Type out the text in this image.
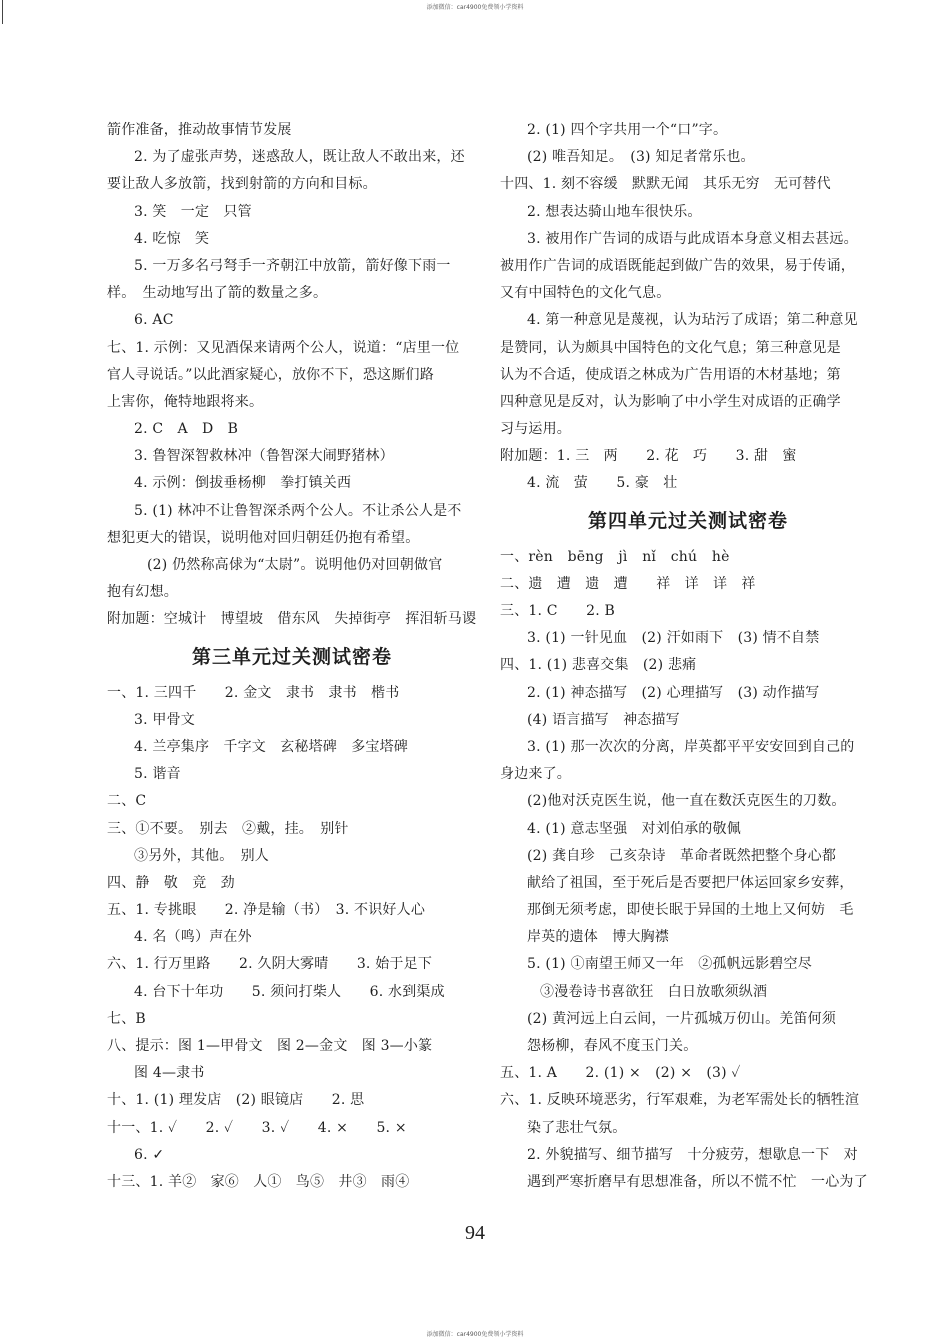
添加微信：car4900免费领小学资料
箭作准备，推动故事情节发展
2. 为了虚张声势，迷惑敌人，既让敌人不敢出来，还
要让敌人多放箭，找到射箭的方向和目标。
3. 笑　一定　只管
4. 吃惊　笑
5. 一万多名弓弩手一齐朝江中放箭，箭好像下雨一
样。　生动地写出了箭的数量之多。
6. AC
七、1. 示例：又见酒保来请两个公人，说道：“店里一位
官人寻说话。”以此酒家疑心，放你不下，恐这厮们路
上害你，俺特地跟将来。
2. C　A　D　B
3. 鲁智深智救林冲（鲁智深大闹野猪林）
4. 示例：倒拔垂杨柳　拳打镇关西
5. (1) 林冲不让鲁智深杀两个公人。不让杀公人是不
想犯更大的错误，说明他对回归朝廷仍抱有希望。
(2) 仍然称高俅为“太尉”。说明他仍对回朝做官
抱有幻想。
附加题：空城计　博望坡　借东风　失掉街亭　挥泪斩马谡
第三单元过关测试密卷
一、1. 三四千　　2. 金文　隶书　隶书　楷书
3. 甲骨文
4. 兰亭集序　千字文　玄秘塔碑　多宝塔碑
5. 谐音
二、C
三、①不要。　别去　②戴，挂。　别针
③另外，其他。　别人
四、静　敬　竞　劲
五、1. 专挑眼　　2. 净是输（书）　3. 不识好人心
4. 名（鸣）声在外
六、1. 行万里路　　2. 久阴大雾晴　　3. 始于足下
4. 台下十年功　　5. 须问打柴人　　6. 水到渠成
七、B
八、提示：图 1—甲骨文　图 2—金文　图 3—小篆
图 4—隶书
十、1. (1) 理发店　(2) 眼镜店　　2. 思
十一、1. ✓　　2. ✓　　3. ✓　　4. ×　　5. ×
6. ✓
十三、1. 羊②　家⑥　人①　鸟⑤　井③　雨④
2. (1) 四个字共用一个“口”字。
(2) 唯吾知足。　(3) 知足者常乐也。
十四、1. 刻不容缓　默默无闻　其乐无穷　无可替代
2. 想表达骑山地车很快乐。
3. 被用作广告词的成语与此成语本身意义相去甚远。
被用作广告词的成语既能起到做广告的效果，易于传诵，
又有中国特色的文化气息。
4. 第一种意见是蔑视，认为玷污了成语；第二种意见
是赞同，认为颇具中国特色的文化气息；第三种意见是
认为不合适，使成语之林成为广告用语的木材基地；第
四种意见是反对，认为影响了中小学生对成语的正确学
习与运用。
附加题：1. 三　两　　2. 花　巧　　3. 甜　蜜
4. 流　萤　　5. 豪　壮
第四单元过关测试密卷
一、rèn bēng jì nǐ chú hè
二、遗　遭　遗　遭　　祥　详　详　祥
三、1. C　　2. B
3. (1) 一针见血　(2) 汗如雨下　(3) 情不自禁
四、1. (1) 悲喜交集　(2) 悲痛
2. (1) 神态描写　(2) 心理描写　(3) 动作描写
(4) 语言描写　神态描写
3. (1) 那一次次的分离，岸英都平平安安回到自己的
身边来了。
(2)他对沃克医生说，他一直在数沃克医生的刀数。
4. (1) 意志坚强　对刘伯承的敬佩
(2) 龚自珍　己亥杂诗　革命者既然把整个身心都
献给了祖国，至于死后是否要把尸体运回家乡安葬，
那倒无须考虑，即使长眠于异国的土地上又何妨　毛
岸英的遗体　博大胸襟
5. (1) ①南望王师又一年　②孤帆远影碧空尽
③漫卷诗书喜欲狂　白日放歌须纵酒
(2) 黄河远上白云间，一片孤城万仞山。羌笛何须
怨杨柳，春风不度玉门关。
五、1. A　　2. (1) ×　(2) ×　(3) ✓
六、1. 反映环境恶劣，行军艰难，为老军需处长的牺牲渲
染了悲壮气氛。
2. 外貌描写、细节描写　十分疲劳，想歇息一下　对
遇到严寒折磨早有思想准备，所以不慌不忙　一心为了
94
添加微信：car4900免费领小学资料
